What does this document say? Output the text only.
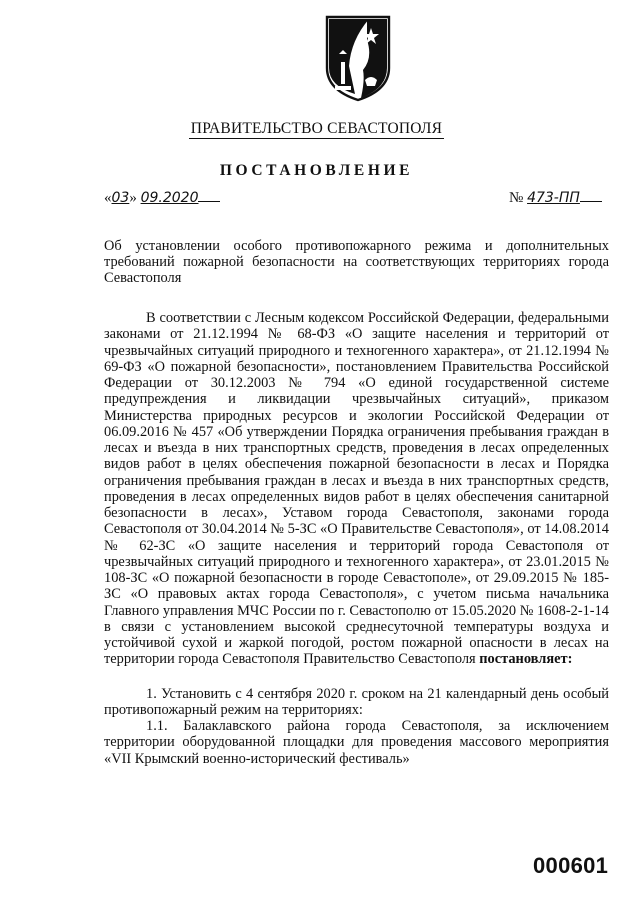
ПРАВИТЕЛЬСТВО СЕВАСТОПОЛЯ
ПОСТАНОВЛЕНИЕ
«03» 09.2020	№ 473-ПП
Об установлении особого противопожарного режима и дополнительных требований пожарной безопасности на соответствующих территориях города Севастополя

В соответствии с Лесным кодексом Российской Федерации, федеральными законами от 21.12.1994 № 68-ФЗ «О защите населения и территорий от чрезвычайных ситуаций природного и техногенного характера», от 21.12.1994 № 69-ФЗ «О пожарной безопасности», постановлением Правительства Российской Федерации от 30.12.2003 № 794 «О единой государственной системе предупреждения и ликвидации чрезвычайных ситуаций», приказом Министерства природных ресурсов и экологии Российской Федерации от 06.09.2016 № 457 «Об утверждении Порядка ограничения пребывания граждан в лесах и въезда в них транспортных средств, проведения в лесах определенных видов работ в целях обеспечения пожарной безопасности в лесах и Порядка ограничения пребывания граждан в лесах и въезда в них транспортных средств, проведения в лесах определенных видов работ в целях обеспечения санитарной безопасности в лесах», Уставом города Севастополя, законами города Севастополя от 30.04.2014 № 5-ЗС «О Правительстве Севастополя», от 14.08.2014 № 62-ЗС «О защите населения и территорий города Севастополя от чрезвычайных ситуаций природного и техногенного характера», от 23.01.2015 № 108-ЗС «О пожарной безопасности в городе Севастополе», от 29.09.2015 № 185-ЗС «О правовых актах города Севастополя», с учетом письма начальника Главного управления МЧС России по г. Севастополю от 15.05.2020 № 1608-2-1-14 в связи с установлением высокой среднесуточной температуры воздуха и устойчивой сухой и жаркой погодой, ростом пожарной опасности в лесах на территории города Севастополя Правительство Севастополя постановляет:

1. Установить с 4 сентября 2020 г. сроком на 21 календарный день особый противопожарный режим на территориях:

1.1. Балаклавского района города Севастополя, за исключением территории оборудованной площадки для проведения массового мероприятия «VII Крымский военно-исторический фестиваль»

000601
